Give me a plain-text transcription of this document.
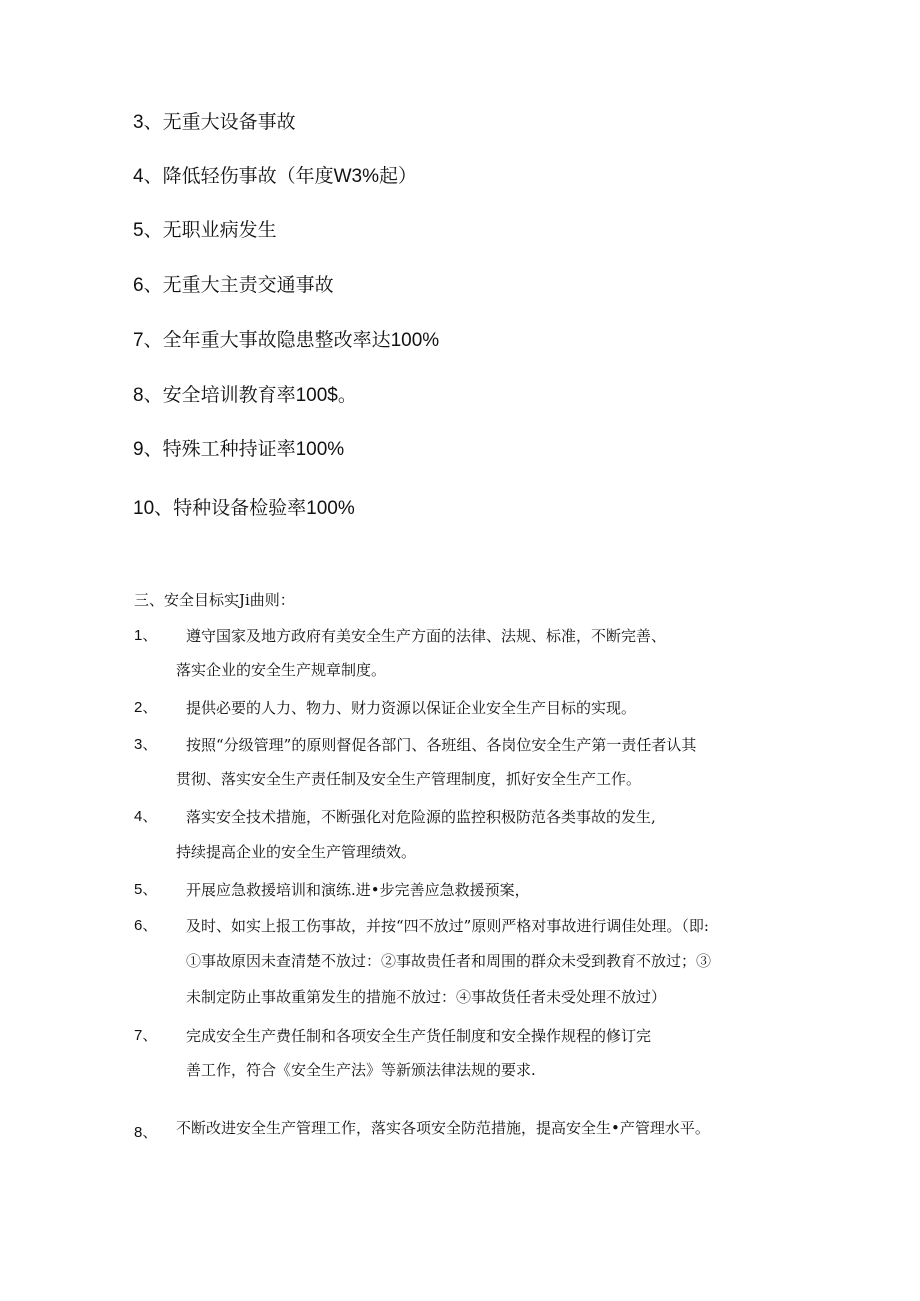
3、无重大设备事故
4、降低轻伤事故（年度W3%起）
5、无职业病发生
6、无重大主责交通事故
7、全年重大事故隐患整改率达100%
8、安全培训教育率100$。
9、特殊工种持证率100%
10、特种设备检验率100%
三、安全目标实Ji曲则：
1、 遵守国家及地方政府有美安全生产方面的法律、法规、标准，不断完善、
落实企业的安全生产规章制度。
2、 提供必要的人力、物力、财力资源以保证企业安全生产目标的实现。
3、 按照“分级管理”的原则督促各部门、各班组、各岗位安全生产第一责任者认其
贯彻、落实安全生产责任制及安全生产管理制度，抓好安全生产工作。
4、 落实安全技术措施，不断强化对危险源的监控积极防范各类事故的发生,
持续提高企业的安全生产管理绩效。
5、 开展应急救援培训和演练.进•步完善应急救援预案，
6、 及时、如实上报工伤事故，并按“四不放过”原则严格对事故进行调佳处理。（即:
①事故原因未查清楚不放过：②事故贵任者和周围的群众未受到教育不放过；③
未制定防止事故重第发生的措施不放过：④事故货任者未受处理不放过）
7、 完成安全生产费任制和各项安全生产货任制度和安全操作规程的修订完
善工作，符合《安全生产法》等新颁法律法规的要求.
8、 不断改进安全生产管理工作，落实各项安全防范措施，提高安全生•产管理水平。
